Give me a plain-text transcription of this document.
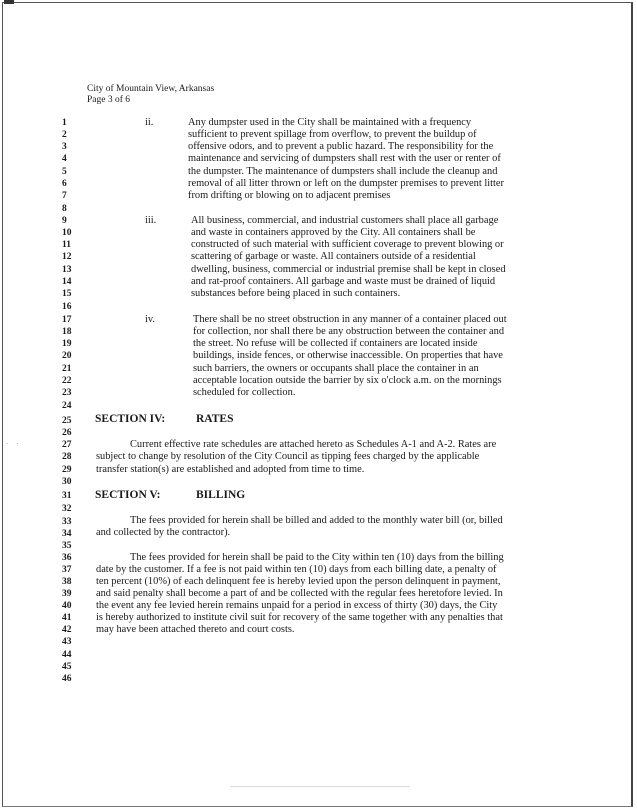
· ·
City of Mountain View, Arkansas
Page 3 of 6
1
2
3
4
5
6
7
8
9
10
11
12
13
14
15
16
17
18
19
20
21
22
23
24
25
26
27
28
29
30
31
32
33
34
35
36
37
38
39
40
41
42
43
44
45
46
ii.	Any dumpster used in the City shall be maintained with a frequency
sufficient to prevent spillage from overflow, to prevent the buildup of
offensive odors, and to prevent a public hazard. The responsibility for the
maintenance and servicing of dumpsters shall rest with the user or renter of
the dumpster. The maintenance of dumpsters shall include the cleanup and
removal of all litter thrown or left on the dumpster premises to prevent litter
from drifting or blowing on to adjacent premises
iii.	All business, commercial, and industrial customers shall place all garbage
and waste in containers approved by the City. All containers shall be
constructed of such material with sufficient coverage to prevent blowing or
scattering of garbage or waste. All containers outside of a residential
dwelling, business, commercial or industrial premise shall be kept in closed
and rat-proof containers. All garbage and waste must be drained of liquid
substances before being placed in such containers.
iv.	There shall be no street obstruction in any manner of a container placed out
for collection, nor shall there be any obstruction between the container and
the street. No refuse will be collected if containers are located inside
buildings, inside fences, or otherwise inaccessible. On properties that have
such barriers, the owners or occupants shall place the container in an
acceptable location outside the barrier by six o'clock a.m. on the mornings
scheduled for collection.
SECTION IV:	RATES
Current effective rate schedules are attached hereto as Schedules A-1 and A-2. Rates are
subject to change by resolution of the City Council as tipping fees charged by the applicable
transfer station(s) are established and adopted from time to time.
SECTION V:	BILLING
The fees provided for herein shall be billed and added to the monthly water bill (or, billed
and collected by the contractor).
The fees provided for herein shall be paid to the City within ten (10) days from the billing
date by the customer. If a fee is not paid within ten (10) days from each billing date, a penalty of
ten percent (10%) of each delinquent fee is hereby levied upon the person delinquent in payment,
and said penalty shall become a part of and be collected with the regular fees heretofore levied. In
the event any fee levied herein remains unpaid for a period in excess of thirty (30) days, the City
is hereby authorized to institute civil suit for recovery of the same together with any penalties that
may have been attached thereto and court costs.
